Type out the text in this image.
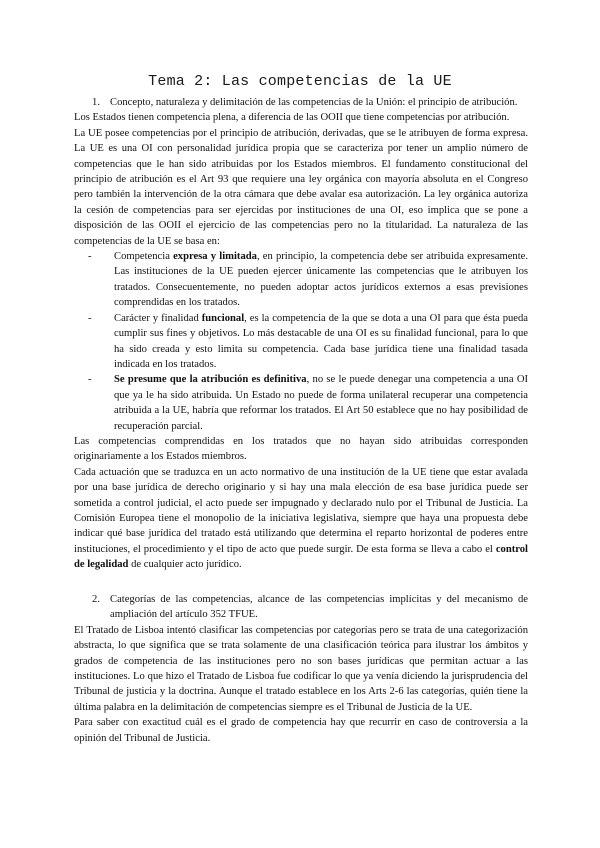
Tema 2: Las competencias de la UE
1. Concepto, naturaleza y delimitación de las competencias de la Unión: el principio de atribución.

Los Estados tienen competencia plena, a diferencia de las OOII que tiene competencias por atribución.

La UE posee competencias por el principio de atribución, derivadas, que se le atribuyen de forma expresa. La UE es una OI con personalidad jurídica propia que se caracteriza por tener un amplio número de competencias que le han sido atribuidas por los Estados miembros. El fundamento constitucional del principio de atribución es el Art 93 que requiere una ley orgánica con mayoría absoluta en el Congreso pero también la intervención de la otra cámara que debe avalar esa autorización. La ley orgánica autoriza la cesión de competencias para ser ejercidas por instituciones de una OI, eso implica que se pone a disposición de las OOII el ejercicio de las competencias pero no la titularidad. La naturaleza de las competencias de la UE se basa en:

-	Competencia expresa y limitada, en principio, la competencia debe ser atribuida expresamente. Las instituciones de la UE pueden ejercer únicamente las competencias que le atribuyen los tratados. Consecuentemente, no pueden adoptar actos jurídicos externos a esas previsiones comprendidas en los tratados.
-	Carácter y finalidad funcional, es la competencia de la que se dota a una OI para que ésta pueda cumplir sus fines y objetivos. Lo más destacable de una OI es su finalidad funcional, para lo que ha sido creada y esto limita su competencia. Cada base jurídica tiene una finalidad tasada indicada en los tratados.
-	Se presume que la atribución es definitiva, no se le puede denegar una competencia a una OI que ya le ha sido atribuida. Un Estado no puede de forma unilateral recuperar una competencia atribuida a la UE, habría que reformar los tratados. El Art 50 establece que no hay posibilidad de recuperación parcial.

Las competencias comprendidas en los tratados que no hayan sido atribuidas corresponden originariamente a los Estados miembros.

Cada actuación que se traduzca en un acto normativo de una institución de la UE tiene que estar avalada por una base jurídica de derecho originario y si hay una mala elección de esa base jurídica puede ser sometida a control judicial, el acto puede ser impugnado y declarado nulo por el Tribunal de Justicia. La Comisión Europea tiene el monopolio de la iniciativa legislativa, siempre que haya una propuesta debe indicar qué base jurídica del tratado está utilizando que determina el reparto horizontal de poderes entre instituciones, el procedimiento y el tipo de acto que puede surgir. De esta forma se lleva a cabo el control de legalidad de cualquier acto jurídico.

2. Categorías de las competencias, alcance de las competencias implícitas y del mecanismo de ampliación del artículo 352 TFUE.

El Tratado de Lisboa intentó clasificar las competencias por categorías pero se trata de una categorización abstracta, lo que significa que se trata solamente de una clasificación teórica para ilustrar los ámbitos y grados de competencia de las instituciones pero no son bases jurídicas que permitan actuar a las instituciones. Lo que hizo el Tratado de Lisboa fue codificar lo que ya venía diciendo la jurisprudencia del Tribunal de justicia y la doctrina. Aunque el tratado establece en los Arts 2-6 las categorías, quién tiene la última palabra en la delimitación de competencias siempre es el Tribunal de Justicia de la UE.

Para saber con exactitud cuál es el grado de competencia hay que recurrir en caso de controversia a la opinión del Tribunal de Justicia.
